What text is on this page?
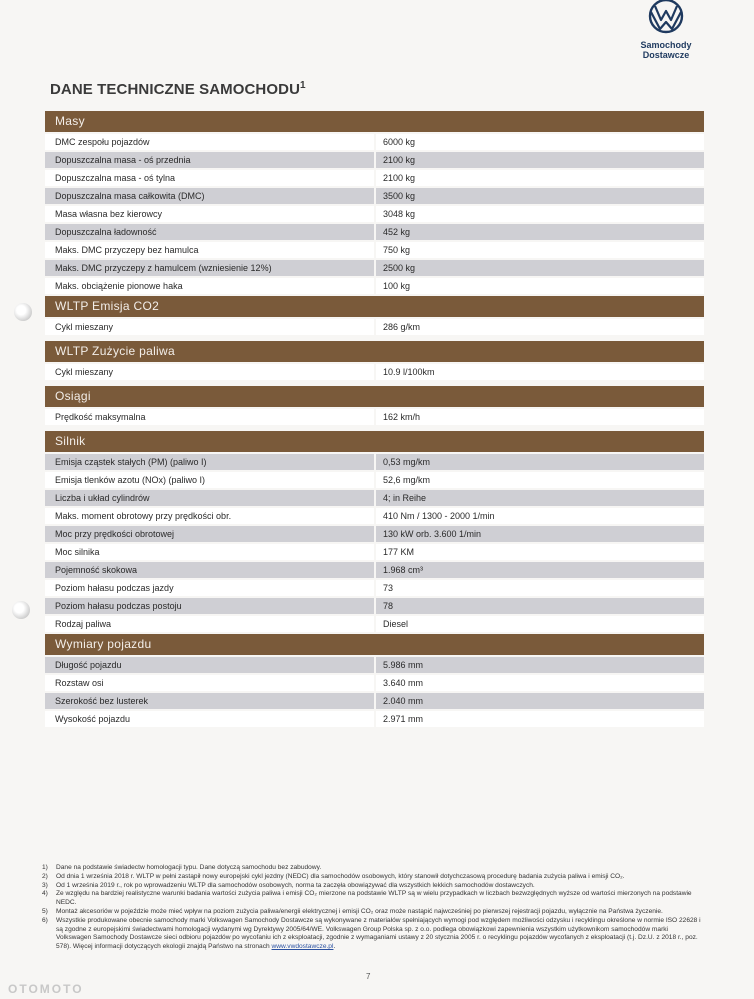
Samochody
Dostawcze
DANE TECHNICZNE SAMOCHODU$^1$
Masy
DMC zespołu pojazdów	6000 kg
Dopuszczalna masa - oś przednia	2100 kg
Dopuszczalna masa - oś tylna	2100 kg
Dopuszczalna masa całkowita (DMC)	3500 kg
Masa własna bez kierowcy	3048 kg
Dopuszczalna ładowność	452 kg
Maks. DMC przyczepy bez hamulca	750 kg
Maks. DMC przyczepy z hamulcem (wzniesienie 12%)	2500 kg
Maks. obciążenie pionowe haka	100 kg
WLTP Emisja CO2
Cykl mieszany	286 g/km
WLTP Zużycie paliwa
Cykl mieszany	10.9 l/100km
Osiągi
Prędkość maksymalna	162 km/h
Silnik
Emisja cząstek stałych (PM) (paliwo I)	0,53 mg/km
Emisja tlenków azotu (NOx) (paliwo I)	52,6 mg/km
Liczba i układ cylindrów	4; in Reihe
Maks. moment obrotowy przy prędkości obr.	410 Nm / 1300 - 2000 1/min
Moc przy prędkości obrotowej	130 kW orb. 3.600 1/min
Moc silnika	177 KM
Pojemność skokowa	1.968 cm³
Poziom hałasu podczas jazdy	73
Poziom hałasu podczas postoju	78
Rodzaj paliwa	Diesel
Wymiary pojazdu
Długość pojazdu	5.986 mm
Rozstaw osi	3.640 mm
Szerokość bez lusterek	2.040 mm
Wysokość pojazdu	2.971 mm
1)	Dane na podstawie świadectw homologacji typu. Dane dotyczą samochodu bez zabudowy.
2)	Od dnia 1 września 2018 r. WLTP w pełni zastąpił nowy europejski cykl jezdny (NEDC) dla samochodów osobowych, który stanowił dotychczasową procedurę badania zużycia paliwa i emisji CO₂.
3)	Od 1 września 2019 r., rok po wprowadzeniu WLTP dla samochodów osobowych, norma ta zaczęła obowiązywać dla wszystkich lekkich samochodów dostawczych.
4)	Ze względu na bardziej realistyczne warunki badania wartości zużycia paliwa i emisji CO₂ mierzone na podstawie WLTP są w wielu przypadkach w liczbach bezwzględnych wyższe od wartości mierzonych na podstawie NEDC.
5)	Montaż akcesoriów w pojeździe może mieć wpływ na poziom zużycia paliwa/energii elektrycznej i emisji CO₂ oraz może nastąpić najwcześniej po pierwszej rejestracji pojazdu, wyłącznie na Państwa życzenie.
6)	Wszystkie produkowane obecnie samochody marki Volkswagen Samochody Dostawcze są wykonywane z materiałów spełniających wymogi pod względem możliwości odzysku i recyklingu określone w normie ISO 22628 i są zgodne z europejskimi świadectwami homologacji wydanymi wg Dyrektywy 2005/64/WE. Volkswagen Group Polska sp. z o.o. podlega obowiązkowi zapewnienia wszystkim użytkownikom samochodów marki Volkswagen Samochody Dostawcze sieci odbioru pojazdów po wycofaniu ich z eksploatacji, zgodnie z wymaganiami ustawy z 20 stycznia 2005 r. o recyklingu pojazdów wycofanych z eksploatacji (t.j. Dz.U. z 2018 r., poz. 578). Więcej informacji dotyczących ekologii znajdą Państwo na stronach www.vwdostawcze.pl.
7
OTOMOTO
